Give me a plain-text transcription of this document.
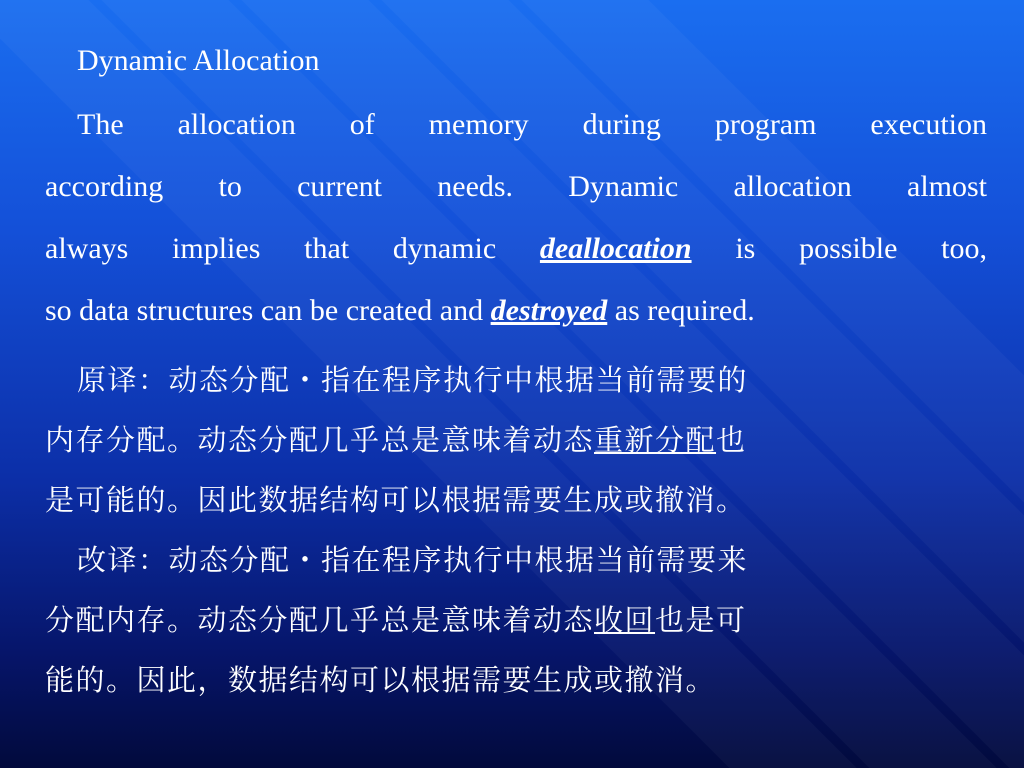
Dynamic Allocation
The allocation of memory during program execution
according to current needs. Dynamic allocation almost
always implies that dynamic deallocation is possible too,
so data structures can be created and destroyed as required.
原译：动态分配・指在程序执行中根据当前需要的
内存分配。动态分配几乎总是意味着动态重新分配也
是可能的。因此数据结构可以根据需要生成或撤消。
改译：动态分配・指在程序执行中根据当前需要来
分配内存。动态分配几乎总是意味着动态收回也是可
能的。因此，数据结构可以根据需要生成或撤消。
